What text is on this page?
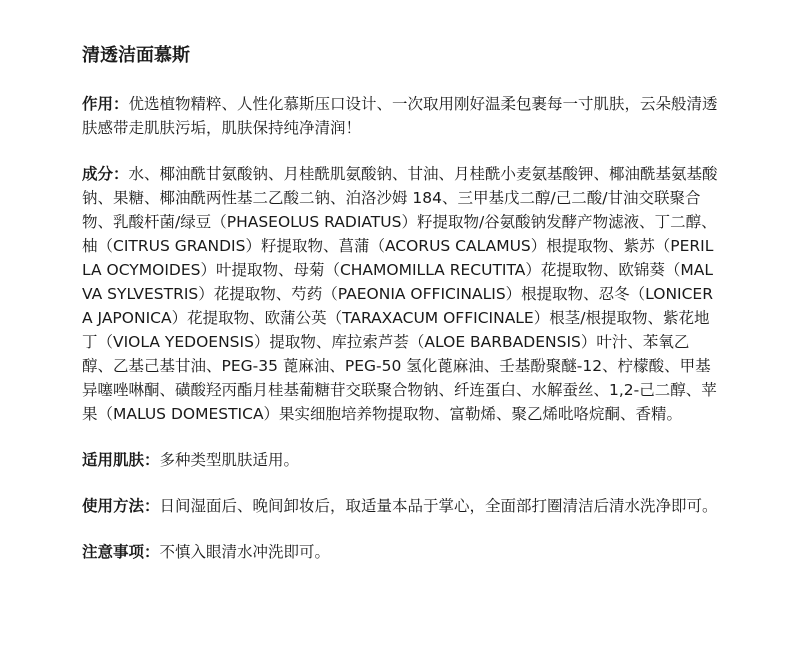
清透洁面慕斯
作用：优选植物精粹、人性化慕斯压口设计、一次取用刚好温柔包裹每一寸肌肤，云朵般清透肤感带走肌肤污垢，肌肤保持纯净清润！
成分：水、椰油酰甘氨酸钠、月桂酰肌氨酸钠、甘油、月桂酰小麦氨基酸钾、椰油酰基氨基酸钠、果糖、椰油酰两性基二乙酸二钠、泊洛沙姆 184、三甲基戊二醇/己二酸/甘油交联聚合物、乳酸杆菌/绿豆（PHASEOLUS RADIATUS）籽提取物/谷氨酸钠发酵产物滤液、丁二醇、柚（CITRUS GRANDIS）籽提取物、菖蒲（ACORUS CALAMUS）根提取物、紫苏（PERILLA OCYMOIDES）叶提取物、母菊（CHAMOMILLA RECUTITA）花提取物、欧锦葵（MALVA SYLVESTRIS）花提取物、芍药（PAEONIA OFFICINALIS）根提取物、忍冬（LONICERA JAPONICA）花提取物、欧蒲公英（TARAXACUM OFFICINALE）根茎/根提取物、紫花地丁（VIOLA YEDOENSIS）提取物、库拉索芦荟（ALOE BARBADENSIS）叶汁、苯氧乙醇、乙基己基甘油、PEG-35 蓖麻油、PEG-50 氢化蓖麻油、壬基酚聚醚-12、柠檬酸、甲基异噻唑啉酮、磺酸羟丙酯月桂基葡糖苷交联聚合物钠、纤连蛋白、水解蚕丝、1,2-己二醇、苹果（MALUS DOMESTICA）果实细胞培养物提取物、富勒烯、聚乙烯吡咯烷酮、香精。
适用肌肤：多种类型肌肤适用。
使用方法：日间湿面后、晚间卸妆后，取适量本品于掌心，全面部打圈清洁后清水洗净即可。
注意事项：不慎入眼清水冲洗即可。
